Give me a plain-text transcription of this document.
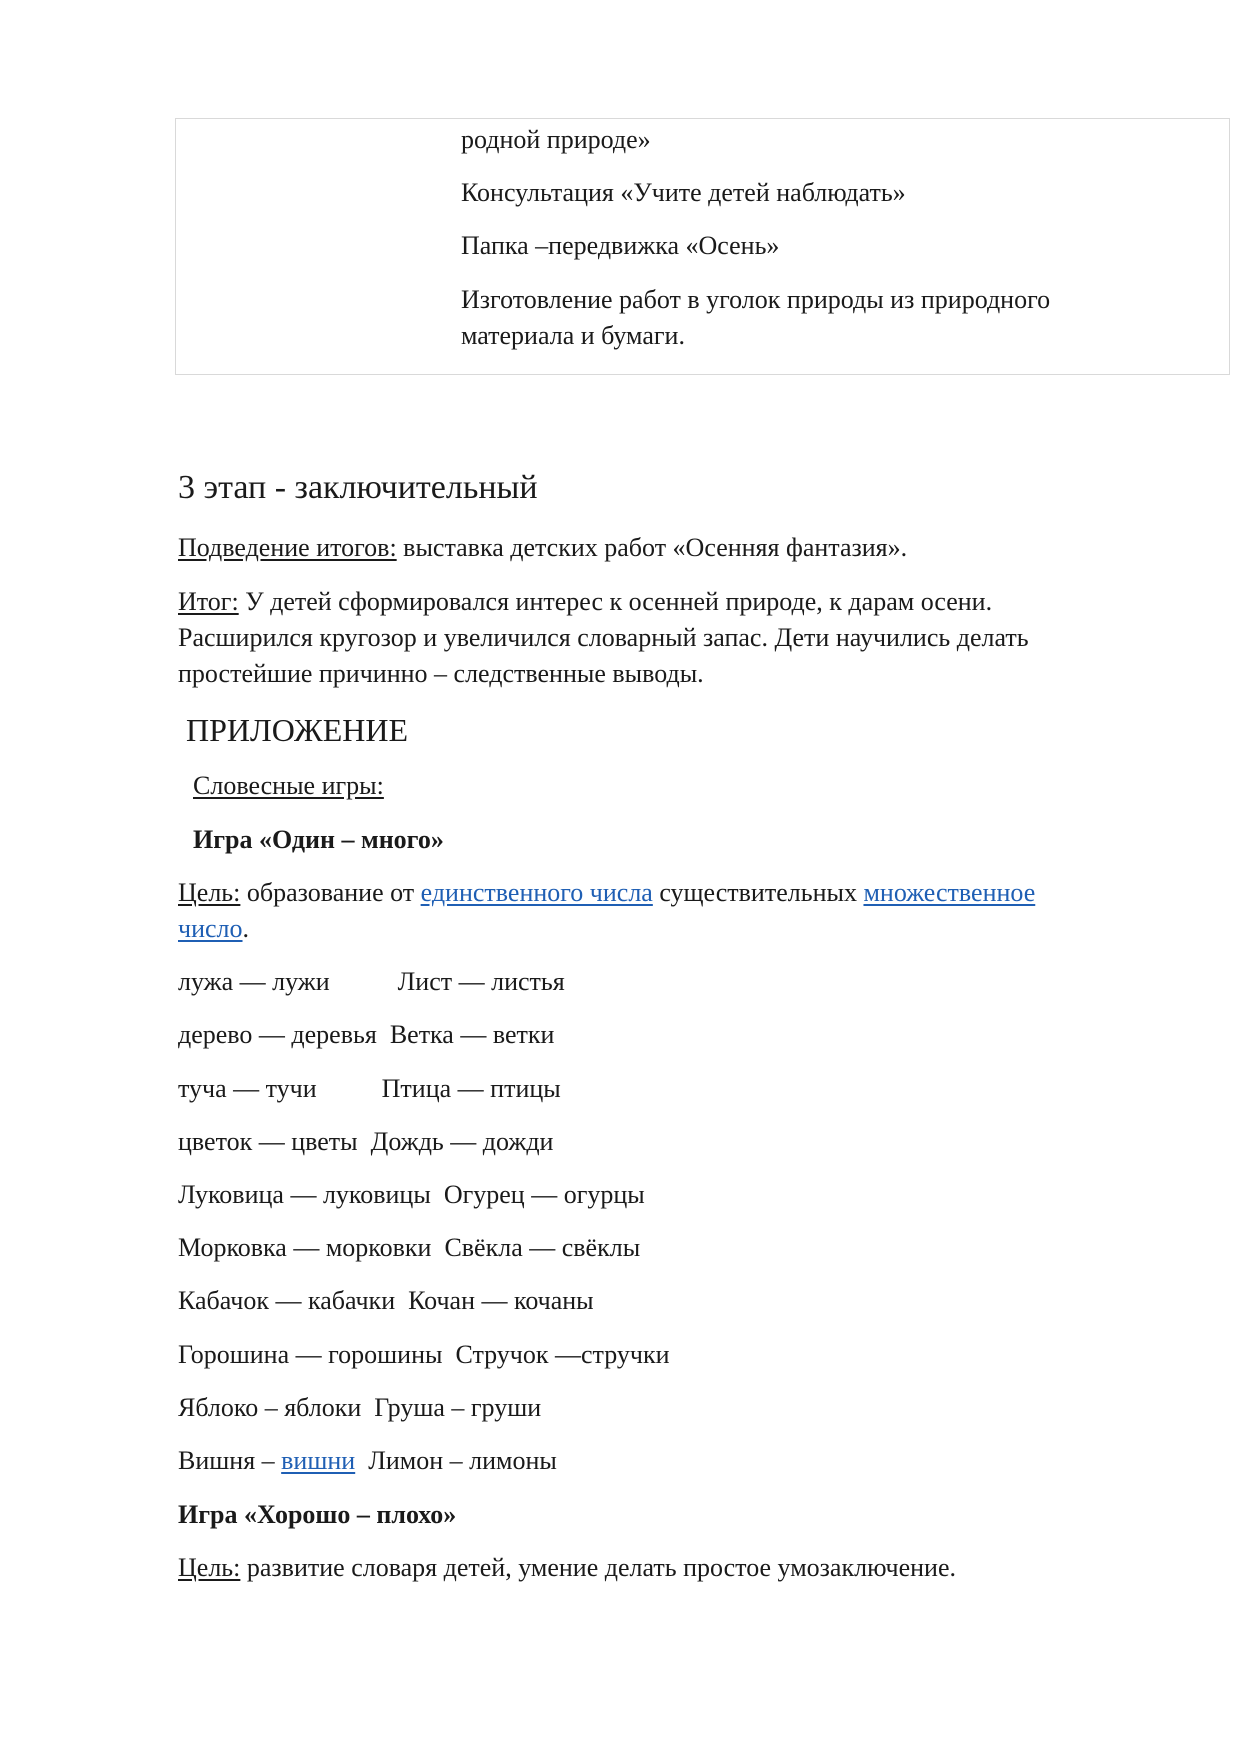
родной природе»
Консультация «Учите детей наблюдать»
Папка –передвижка «Осень»
Изготовление работ в уголок природы из природного
материала и бумаги.
3 этап - заключительный
Подведение итогов: выставка детских работ «Осенняя фантазия».
Итог: У детей сформировался интерес к осенней природе, к дарам осени.
Расширился кругозор и увеличился словарный запас. Дети научились делать
простейшие причинно – следственные выводы.
ПРИЛОЖЕНИЕ
Словесные игры:
Игра «Один – много»
Цель: образование от единственного числа существительных множественное
число.
лужа — лужи	Лист — листья
дерево — деревья Ветка — ветки
туча — тучи	Птица — птицы
цветок — цветы Дождь — дожди
Луковица — луковицы Огурец — огурцы
Морковка — морковки Свёкла — свёклы
Кабачок — кабачки Кочан — кочаны
Горошина — горошины Стручок —стручки
Яблоко – яблоки Груша – груши
Вишня – вишни Лимон – лимоны
Игра «Хорошо – плохо»
Цель: развитие словаря детей, умение делать простое умозаключение.
